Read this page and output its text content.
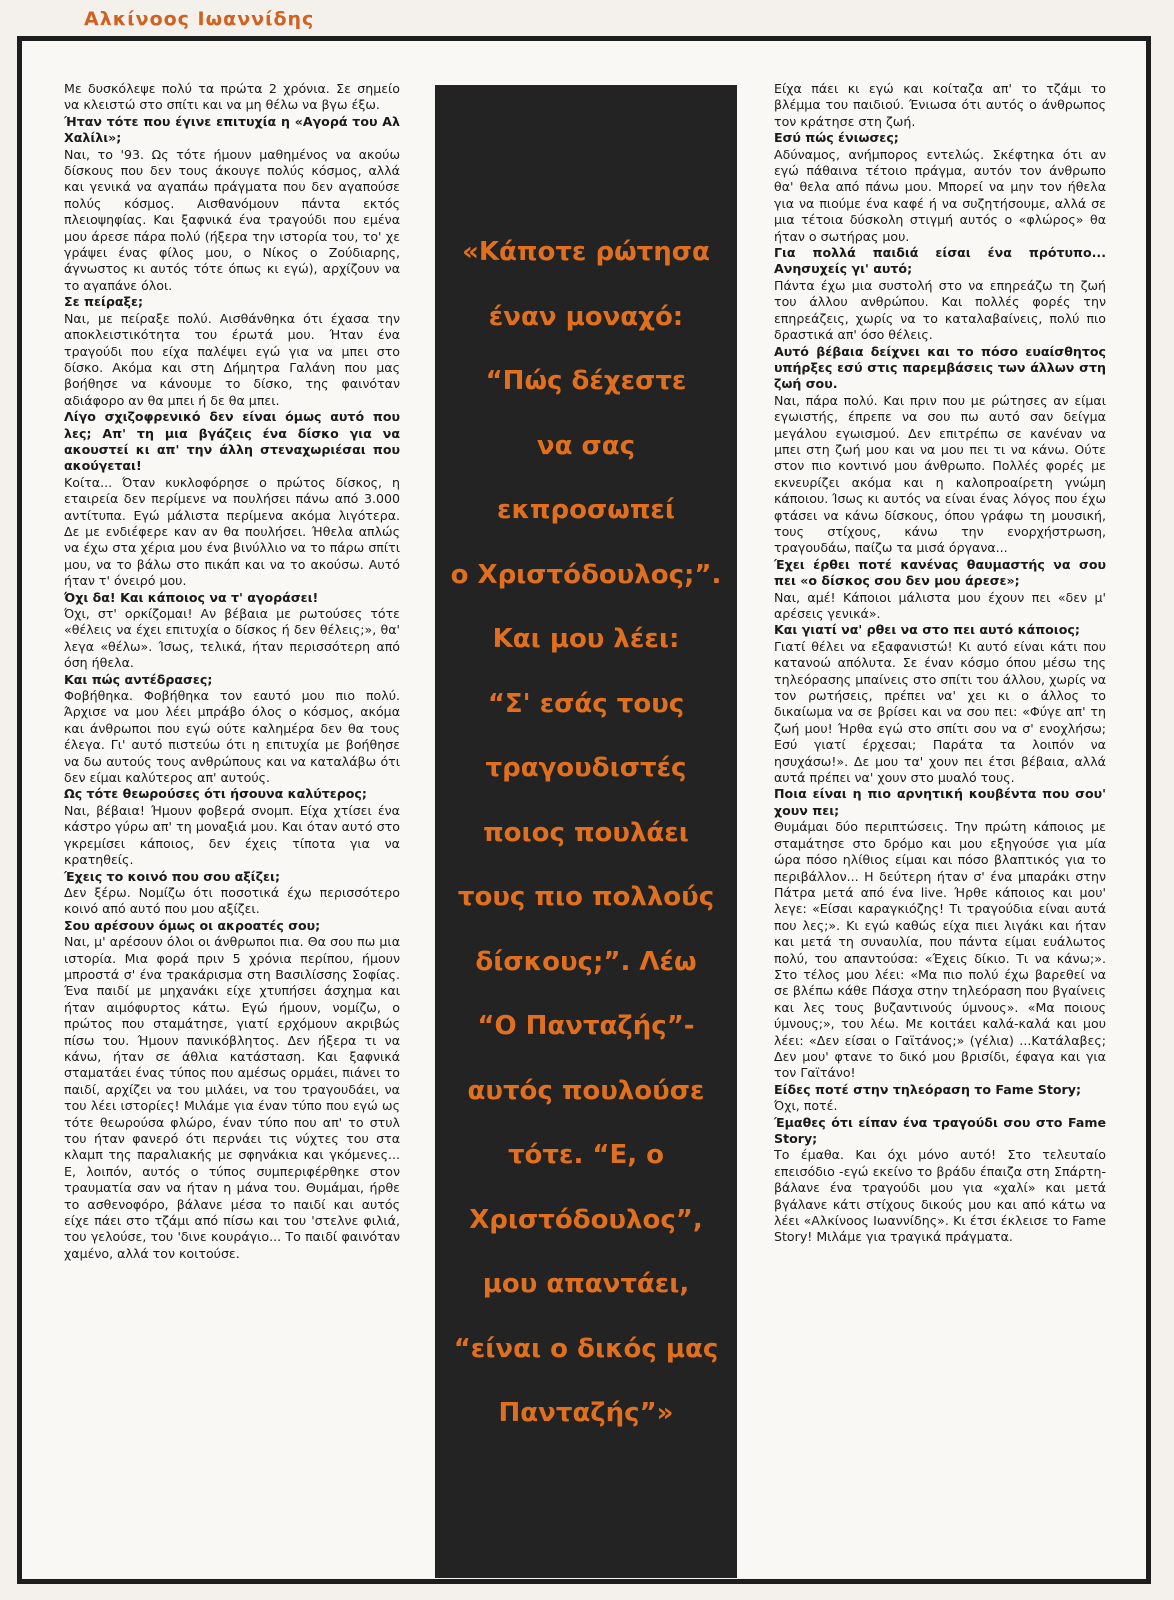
Αλκίνοος Ιωαννίδης

Με δυσκόλεψε πολύ τα πρώτα 2 χρόνια. Σε σημείο να κλειστώ στο σπίτι και να μη θέλω να βγω έξω.

Ήταν τότε που έγινε επιτυχία η «Αγορά του Αλ Χαλίλι»;

Ναι, το '93. Ως τότε ήμουν μαθημένος να ακούω δίσκους που δεν τους άκουγε πολύς κόσμος, αλλά και γενικά να αγαπάω πράγματα που δεν αγαπούσε πολύς κόσμος. Αισθανόμουν πάντα εκτός πλειοψηφίας. Και ξαφνικά ένα τραγούδι που εμένα μου άρεσε πάρα πολύ (ήξερα την ιστορία του, το' χε γράψει ένας φίλος μου, ο Νίκος ο Ζούδιαρης, άγνωστος κι αυτός τότε όπως κι εγώ), αρχίζουν να το αγαπάνε όλοι.

Σε πείραξε;

Ναι, με πείραξε πολύ. Αισθάνθηκα ότι έχασα την αποκλειστικότητα του έρωτά μου. Ήταν ένα τραγούδι που είχα παλέψει εγώ για να μπει στο δίσκο. Ακόμα και στη Δήμητρα Γαλάνη που μας βοήθησε να κάνουμε το δίσκο, της φαινόταν αδιάφορο αν θα μπει ή δε θα μπει.

Λίγο σχιζοφρενικό δεν είναι όμως αυτό που λες; Απ' τη μια βγάζεις ένα δίσκο για να ακουστεί κι απ' την άλλη στεναχωριέσαι που ακούγεται!

Κοίτα... Όταν κυκλοφόρησε ο πρώτος δίσκος, η εταιρεία δεν περίμενε να πουλήσει πάνω από 3.000 αντίτυπα. Εγώ μάλιστα περίμενα ακόμα λιγότερα. Δε με ενδιέφερε καν αν θα πουλήσει. Ήθελα απλώς να έχω στα χέρια μου ένα βινύλλιο να το πάρω σπίτι μου, να το βάλω στο πικάπ και να το ακούσω. Αυτό ήταν τ' όνειρό μου.

Όχι δα! Και κάποιος να τ' αγοράσει!

Όχι, στ' ορκίζομαι! Αν βέβαια με ρωτούσες τότε «θέλεις να έχει επιτυχία ο δίσκος ή δεν θέλεις;», θα' λεγα «θέλω». Ίσως, τελικά, ήταν περισσότερη από όση ήθελα.

Και πώς αντέδρασες;

Φοβήθηκα. Φοβήθηκα τον εαυτό μου πιο πολύ. Άρχισε να μου λέει μπράβο όλος ο κόσμος, ακόμα και άνθρωποι που εγώ ούτε καλημέρα δεν θα τους έλεγα. Γι' αυτό πιστεύω ότι η επιτυχία με βοήθησε να δω αυτούς τους ανθρώπους και να καταλάβω ότι δεν είμαι καλύτερος απ' αυτούς.

Ως τότε θεωρούσες ότι ήσουνα καλύτερος;

Ναι, βέβαια! Ήμουν φοβερά σνομπ. Είχα χτίσει ένα κάστρο γύρω απ' τη μοναξιά μου. Και όταν αυτό στο γκρεμίσει κάποιος, δεν έχεις τίποτα για να κρατηθείς.

Έχεις το κοινό που σου αξίζει;

Δεν ξέρω. Νομίζω ότι ποσοτικά έχω περισσότερο κοινό από αυτό που μου αξίζει.

Σου αρέσουν όμως οι ακροατές σου;

Ναι, μ' αρέσουν όλοι οι άνθρωποι πια. Θα σου πω μια ιστορία. Μια φορά πριν 5 χρόνια περίπου, ήμουν μπροστά σ' ένα τρακάρισμα στη Βασιλίσσης Σοφίας. Ένα παιδί με μηχανάκι είχε χτυπήσει άσχημα και ήταν αιμόφυρτος κάτω. Εγώ ήμουν, νομίζω, ο πρώτος που σταμάτησε, γιατί ερχόμουν ακριβώς πίσω του. Ήμουν πανικόβλητος. Δεν ήξερα τι να κάνω, ήταν σε άθλια κατάσταση. Και ξαφνικά σταματάει ένας τύπος που αμέσως ορμάει, πιάνει το παιδί, αρχίζει να του μιλάει, να του τραγουδάει, να του λέει ιστορίες! Μιλάμε για έναν τύπο που εγώ ως τότε θεωρούσα φλώρο, έναν τύπο που απ' το στυλ του ήταν φανερό ότι περνάει τις νύχτες του στα κλαμπ της παραλιακής με σφηνάκια και γκόμενες... Ε, λοιπόν, αυτός ο τύπος συμπεριφέρθηκε στον τραυματία σαν να ήταν η μάνα του. Θυμάμαι, ήρθε το ασθενοφόρο, βάλανε μέσα το παιδί και αυτός είχε πάει στο τζάμι από πίσω και του 'στελνε φιλιά, του γελούσε, του 'δινε κουράγιο... Το παιδί φαινόταν χαμένο, αλλά τον κοιτούσε.

«Κάποτε ρώτησα
έναν μοναχό:
“Πώς δέχεστε
να σας
εκπροσωπεί
ο Χριστόδουλος;”.
Και μου λέει:
“Σ' εσάς τους
τραγουδιστές
ποιος πουλάει
τους πιο πολλούς
δίσκους;”. Λέω
“Ο Πανταζής”-
αυτός πουλούσε
τότε. “Ε, ο
Χριστόδουλος”,
μου απαντάει,
“είναι ο δικός μας
Πανταζής”»

Είχα πάει κι εγώ και κοίταζα απ' το τζάμι το βλέμμα του παιδιού. Ένιωσα ότι αυτός ο άνθρωπος τον κράτησε στη ζωή.

Εσύ πώς ένιωσες;

Αδύναμος, ανήμπορος εντελώς. Σκέφτηκα ότι αν εγώ πάθαινα τέτοιο πράγμα, αυτόν τον άνθρωπο θα' θελα από πάνω μου. Μπορεί να μην τον ήθελα για να πιούμε ένα καφέ ή να συζητήσουμε, αλλά σε μια τέτοια δύσκολη στιγμή αυτός ο «φλώρος» θα ήταν ο σωτήρας μου.

Για πολλά παιδιά είσαι ένα πρότυπο... Ανησυχείς γι' αυτό;

Πάντα έχω μια συστολή στο να επηρεάζω τη ζωή του άλλου ανθρώπου. Και πολλές φορές την επηρεάζεις, χωρίς να το καταλαβαίνεις, πολύ πιο δραστικά απ' όσο θέλεις.

Αυτό βέβαια δείχνει και το πόσο ευαίσθητος υπήρξες εσύ στις παρεμβάσεις των άλλων στη ζωή σου.

Ναι, πάρα πολύ. Και πριν που με ρώτησες αν είμαι εγωιστής, έπρεπε να σου πω αυτό σαν δείγμα μεγάλου εγωισμού. Δεν επιτρέπω σε κανέναν να μπει στη ζωή μου και να μου πει τι να κάνω. Ούτε στον πιο κοντινό μου άνθρωπο. Πολλές φορές με εκνευρίζει ακόμα και η καλοπροαίρετη γνώμη κάποιου. Ίσως κι αυτός να είναι ένας λόγος που έχω φτάσει να κάνω δίσκους, όπου γράφω τη μουσική, τους στίχους, κάνω την ενορχήστρωση, τραγουδάω, παίζω τα μισά όργανα...

Έχει έρθει ποτέ κανένας θαυμαστής να σου πει «ο δίσκος σου δεν μου άρεσε»;

Ναι, αμέ! Κάποιοι μάλιστα μου έχουν πει «δεν μ' αρέσεις γενικά».

Και γιατί να' ρθει να στο πει αυτό κάποιος;

Γιατί θέλει να εξαφανιστώ! Κι αυτό είναι κάτι που κατανοώ απόλυτα. Σε έναν κόσμο όπου μέσω της τηλεόρασης μπαίνεις στο σπίτι του άλλου, χωρίς να τον ρωτήσεις, πρέπει να' χει κι ο άλλος το δικαίωμα να σε βρίσει και να σου πει: «Φύγε απ' τη ζωή μου! Ήρθα εγώ στο σπίτι σου να σ' ενοχλήσω; Εσύ γιατί έρχεσαι; Παράτα τα λοιπόν να ησυχάσω!». Δε μου τα' χουν πει έτσι βέβαια, αλλά αυτά πρέπει να' χουν στο μυαλό τους.

Ποια είναι η πιο αρνητική κουβέντα που σου' χουν πει;

Θυμάμαι δύο περιπτώσεις. Την πρώτη κάποιος με σταμάτησε στο δρόμο και μου εξηγούσε για μία ώρα πόσο ηλίθιος είμαι και πόσο βλαπτικός για το περιβάλλον... Η δεύτερη ήταν σ' ένα μπαράκι στην Πάτρα μετά από ένα live. Ήρθε κάποιος και μου' λεγε: «Είσαι καραγκιόζης! Τι τραγούδια είναι αυτά που λες;». Κι εγώ καθώς είχα πιει λιγάκι και ήταν και μετά τη συναυλία, που πάντα είμαι ευάλωτος πολύ, του απαντούσα: «Έχεις δίκιο. Τι να κάνω;». Στο τέλος μου λέει: «Μα πιο πολύ έχω βαρεθεί να σε βλέπω κάθε Πάσχα στην τηλεόραση που βγαίνεις και λες τους βυζαντινούς ύμνους». «Μα ποιους ύμνους;», του λέω. Με κοιτάει καλά-καλά και μου λέει: «Δεν είσαι ο Γαϊτάνος;» (γέλια) ...Κατάλαβες; Δεν μου' φτανε το δικό μου βρισίδι, έφαγα και για τον Γαϊτάνο!

Είδες ποτέ στην τηλεόραση το Fame Story;

Όχι, ποτέ.

Έμαθες ότι είπαν ένα τραγούδι σου στο Fame Story;

Το έμαθα. Και όχι μόνο αυτό! Στο τελευταίο επεισόδιο -εγώ εκείνο το βράδυ έπαιζα στη Σπάρτη- βάλανε ένα τραγούδι μου για «χαλί» και μετά βγάλανε κάτι στίχους δικούς μου και από κάτω να λέει «Αλκίνοος Ιωαννίδης». Κι έτσι έκλεισε το Fame Story! Μιλάμε για τραγικά πράγματα.
